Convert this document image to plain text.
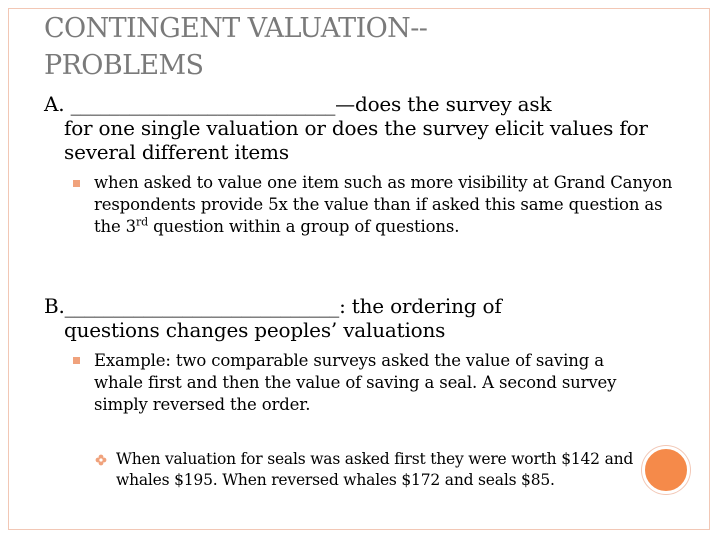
CONTINGENT VALUATION--
PROBLEMS
A. ___________________________—does the survey ask
for one single valuation or does the survey elicit values for several different items
when asked to value one item such as more visibility at Grand Canyon respondents provide 5x the value than if asked this same question as the 3rd question within a group of questions.
B.____________________________: the ordering of
questions changes peoples’ valuations
Example: two comparable surveys asked the value of saving a whale first and then the value of saving a seal. A second survey simply reversed the order.
When valuation for seals was asked first they were worth $142 and whales $195. When reversed whales $172 and seals $85.
